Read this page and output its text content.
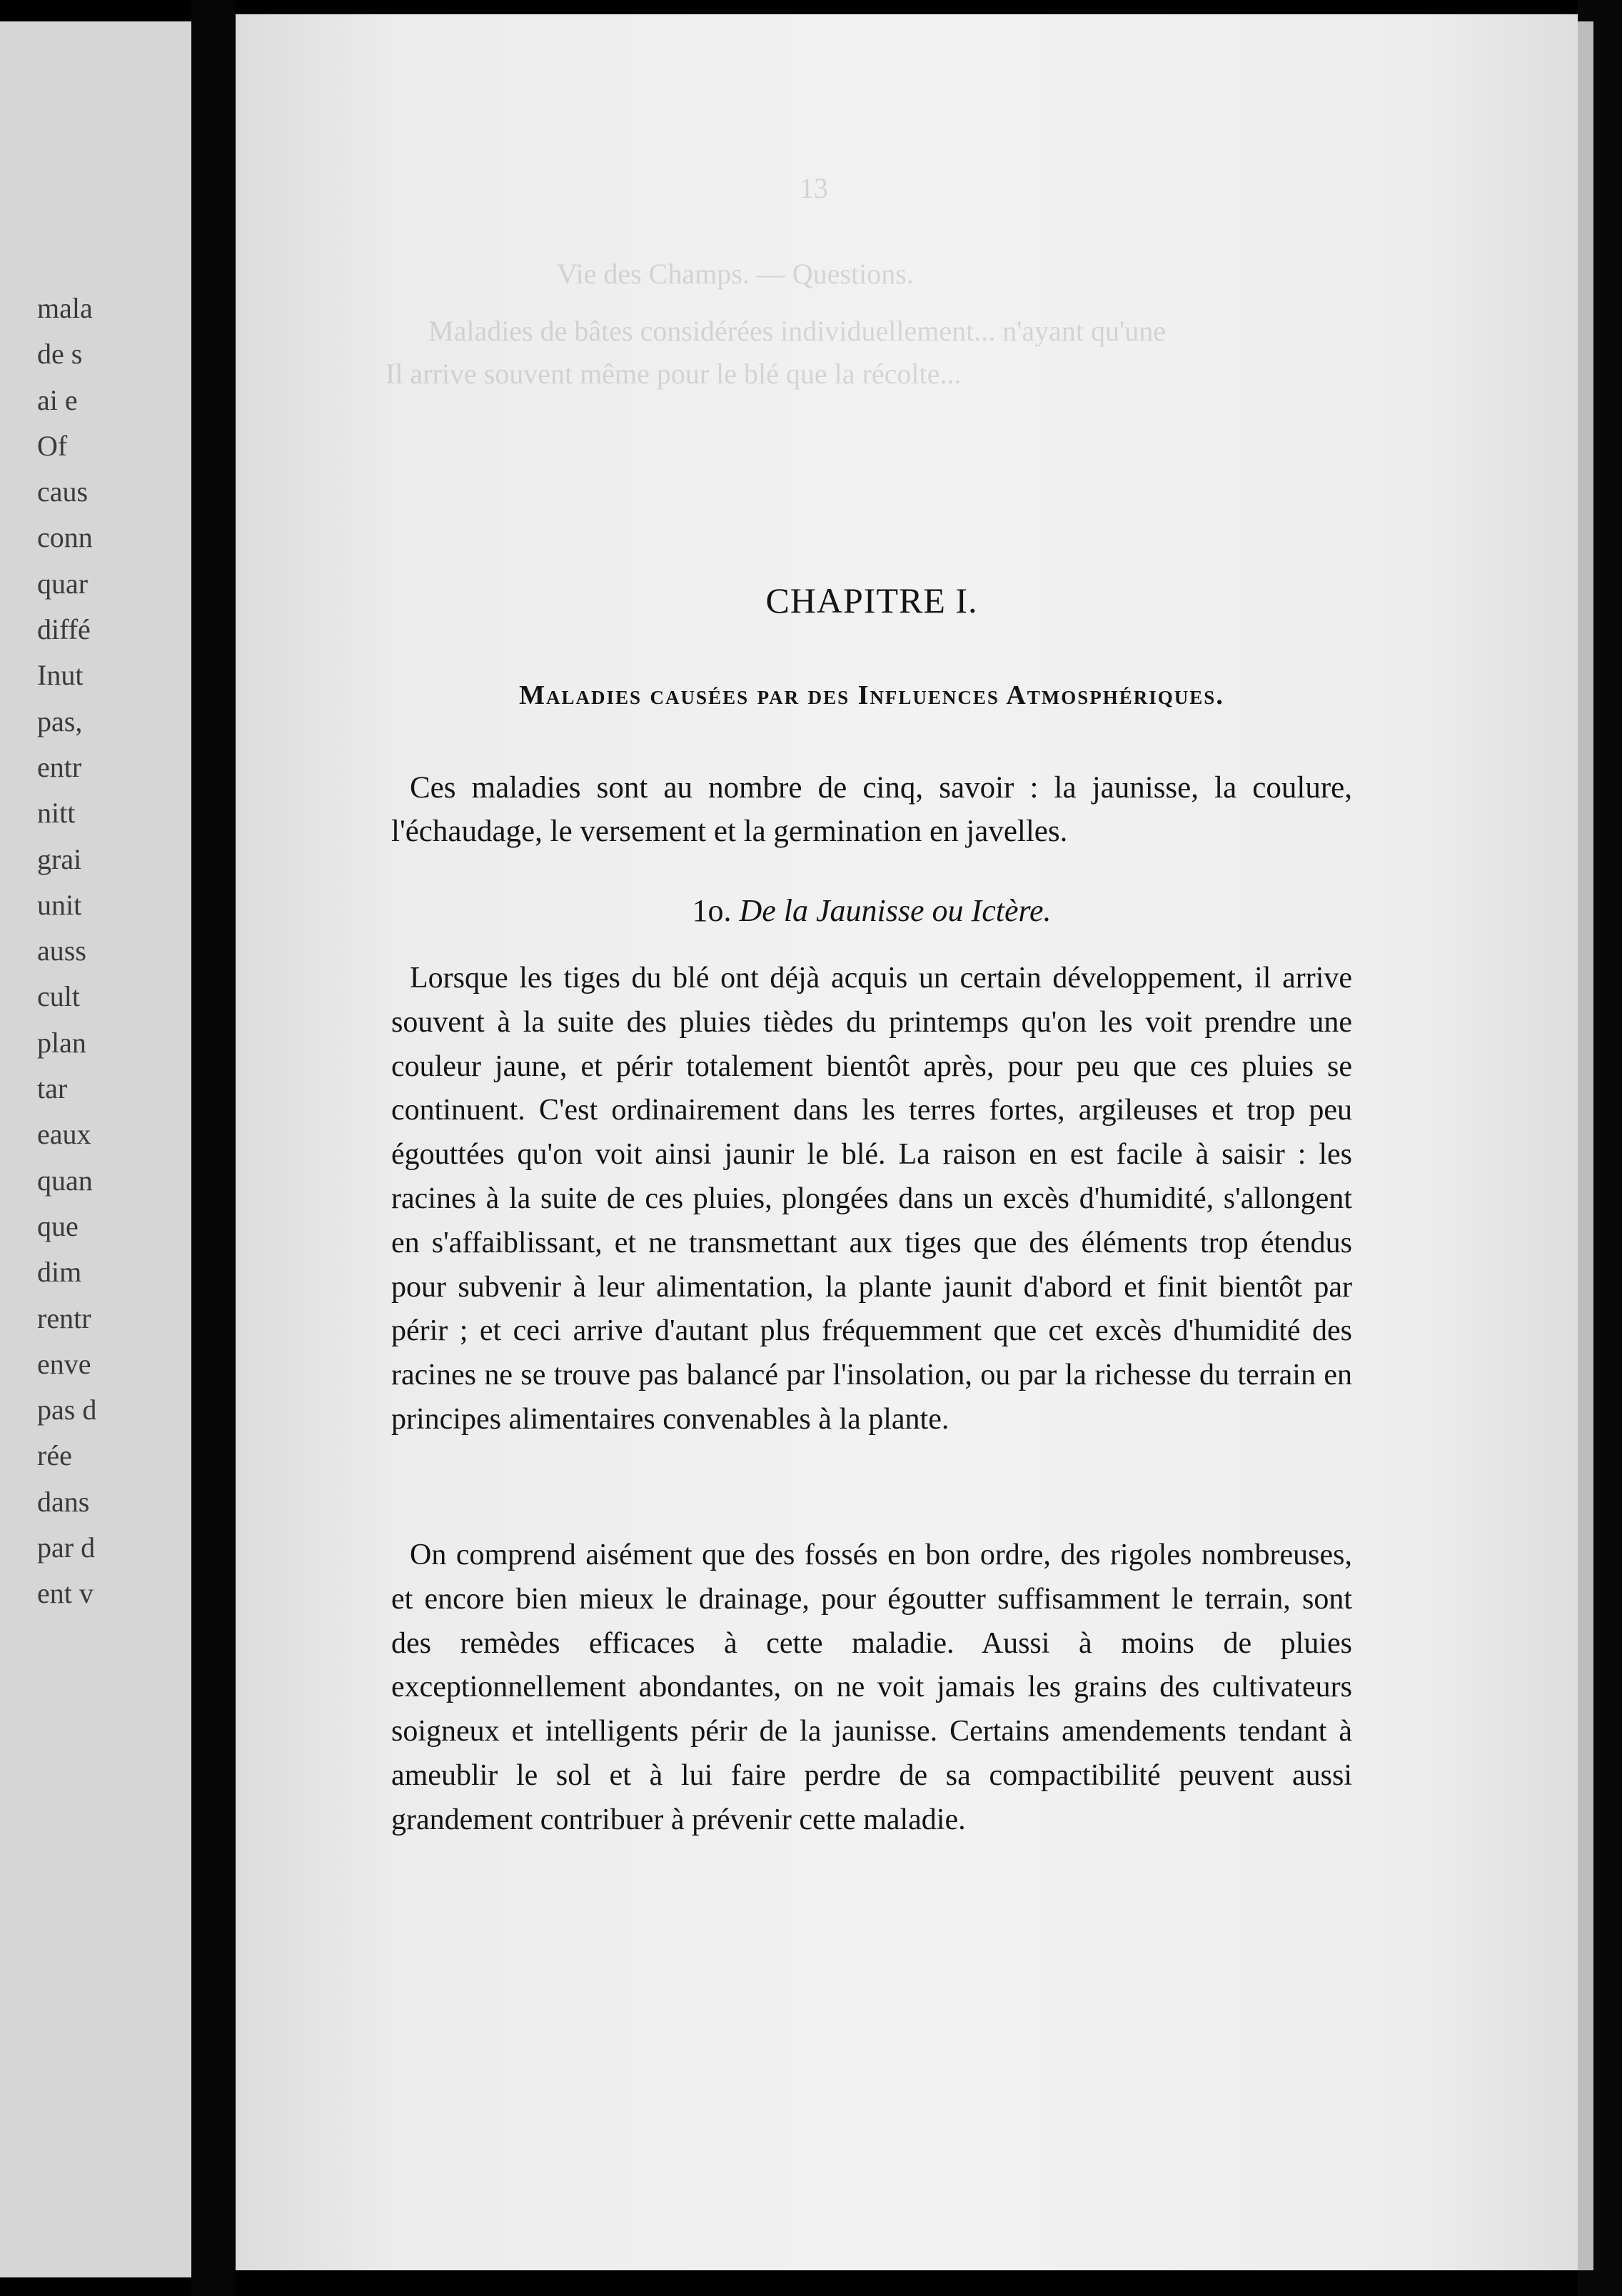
mala
de s
ai e
Of
caus
conn
quar
diffé
Inut
pas,
entr
nitt
grai
unit
auss
cult
plan
tar
eaux
quan
que
dim
rentr
enve
pas d
rée
dans
par d
ent v
13
Vie des Champs. — Questions.
Maladies de bâtes considérées individuellement... n'ayant qu'une
Il arrive souvent même pour le blé que la récolte...
CHAPITRE I.
Maladies causées par des Influences Atmosphériques.
Ces maladies sont au nombre de cinq, savoir : la jaunisse, la coulure, l'échaudage, le versement et la germination en javelles.
1o. De la Jaunisse ou Ictère.
Lorsque les tiges du blé ont déjà acquis un certain développement, il arrive souvent à la suite des pluies tièdes du printemps qu'on les voit prendre une couleur jaune, et périr totalement bientôt après, pour peu que ces pluies se continuent. C'est ordinairement dans les terres fortes, argileuses et trop peu égouttées qu'on voit ainsi jaunir le blé. La raison en est facile à saisir : les racines à la suite de ces pluies, plongées dans un excès d'humidité, s'allongent en s'affaiblissant, et ne transmettant aux tiges que des éléments trop étendus pour subvenir à leur alimentation, la plante jaunit d'abord et finit bientôt par périr ; et ceci arrive d'autant plus fréquemment que cet excès d'humidité des racines ne se trouve pas balancé par l'insolation, ou par la richesse du terrain en principes alimentaires convenables à la plante.
On comprend aisément que des fossés en bon ordre, des rigoles nombreuses, et encore bien mieux le drainage, pour égoutter suffisamment le terrain, sont des remèdes efficaces à cette maladie. Aussi à moins de pluies exceptionnellement abondantes, on ne voit jamais les grains des cultivateurs soigneux et intelligents périr de la jaunisse. Certains amendements tendant à ameublir le sol et à lui faire perdre de sa compactibilité peuvent aussi grandement contribuer à prévenir cette maladie.
